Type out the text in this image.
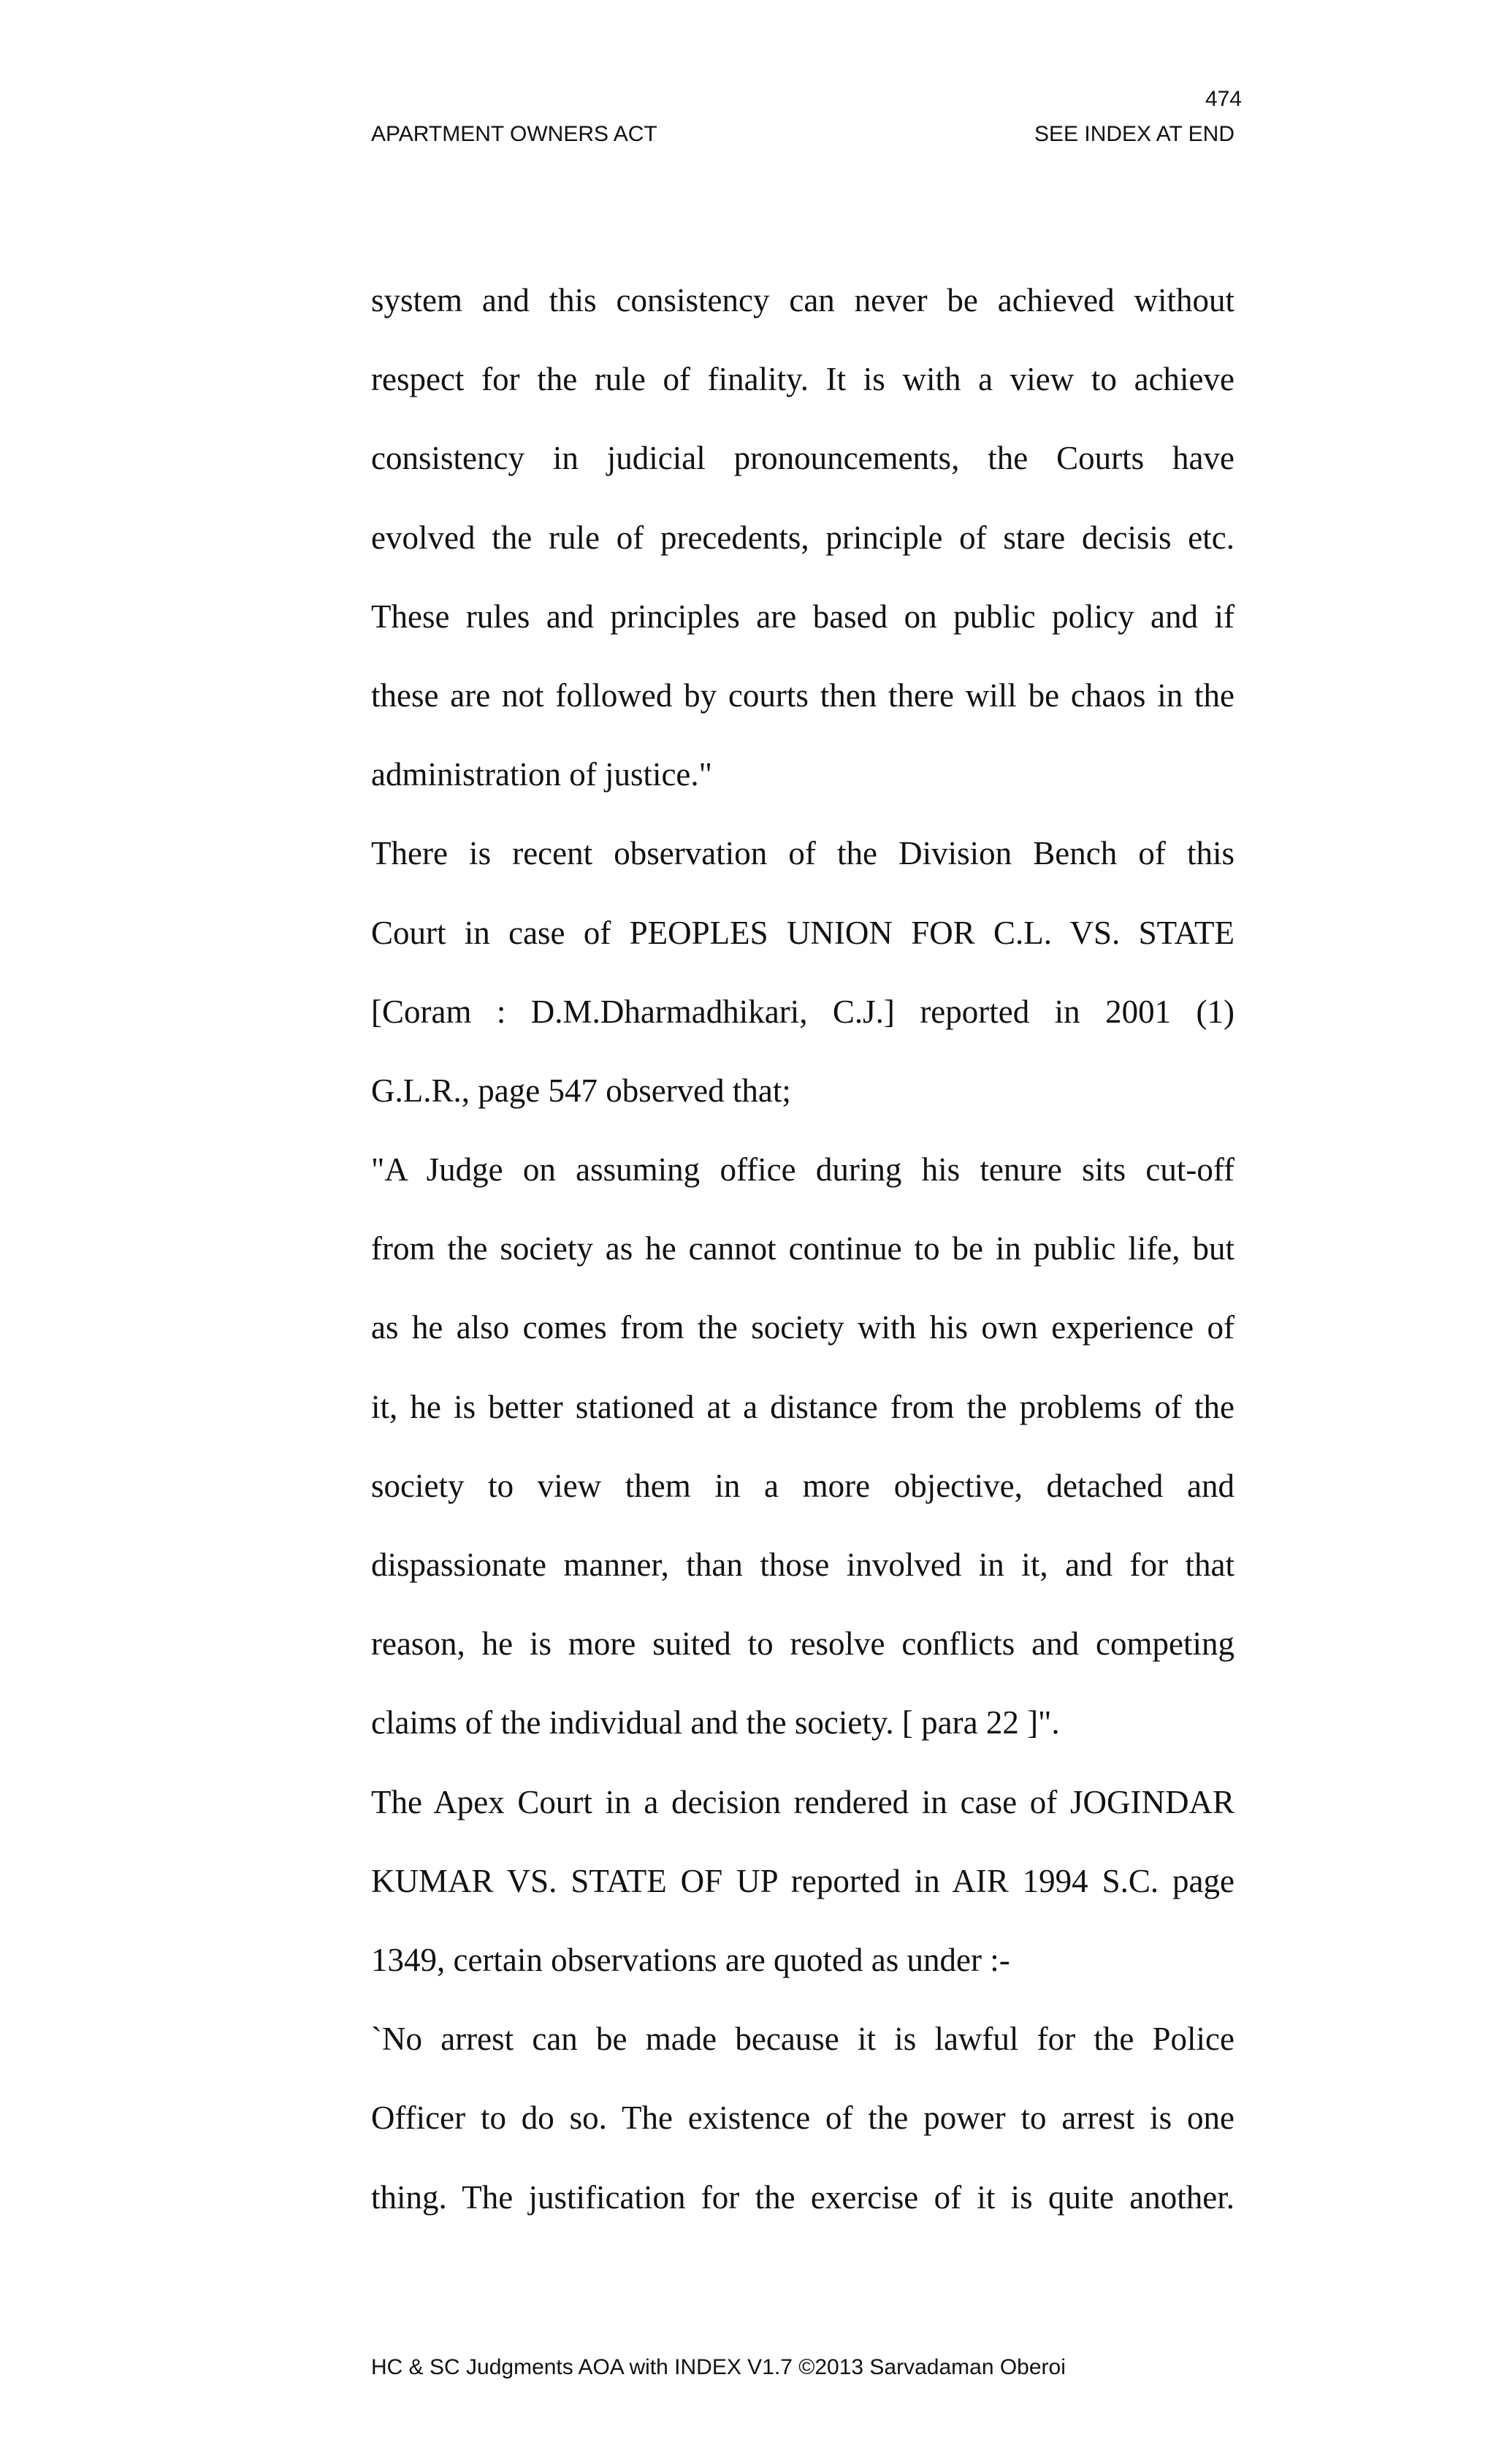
474
APARTMENT OWNERS ACT	SEE INDEX AT END
system and this consistency can never be achieved without
respect for the rule of finality. It is with a view to achieve
consistency in judicial pronouncements, the Courts have
evolved the rule of precedents, principle of stare decisis etc.
These rules and principles are based on public policy and if
these are not followed by courts then there will be chaos in the
administration of justice."
There is recent observation of the Division Bench of this
Court in case of PEOPLES UNION FOR C.L. VS. STATE
[Coram : D.M.Dharmadhikari, C.J.] reported in 2001 (1)
G.L.R., page 547 observed that;
"A Judge on assuming office during his tenure sits cut-off
from the society as he cannot continue to be in public life, but
as he also comes from the society with his own experience of
it, he is better stationed at a distance from the problems of the
society to view them in a more objective, detached and
dispassionate manner, than those involved in it, and for that
reason, he is more suited to resolve conflicts and competing
claims of the individual and the society. [ para 22 ]".
The Apex Court in a decision rendered in case of JOGINDAR
KUMAR VS. STATE OF UP reported in AIR 1994 S.C. page
1349, certain observations are quoted as under :-
`No arrest can be made because it is lawful for the Police
Officer to do so. The existence of the power to arrest is one
thing. The justification for the exercise of it is quite another.
HC & SC Judgments AOA with INDEX V1.7 ©2013 Sarvadaman Oberoi
